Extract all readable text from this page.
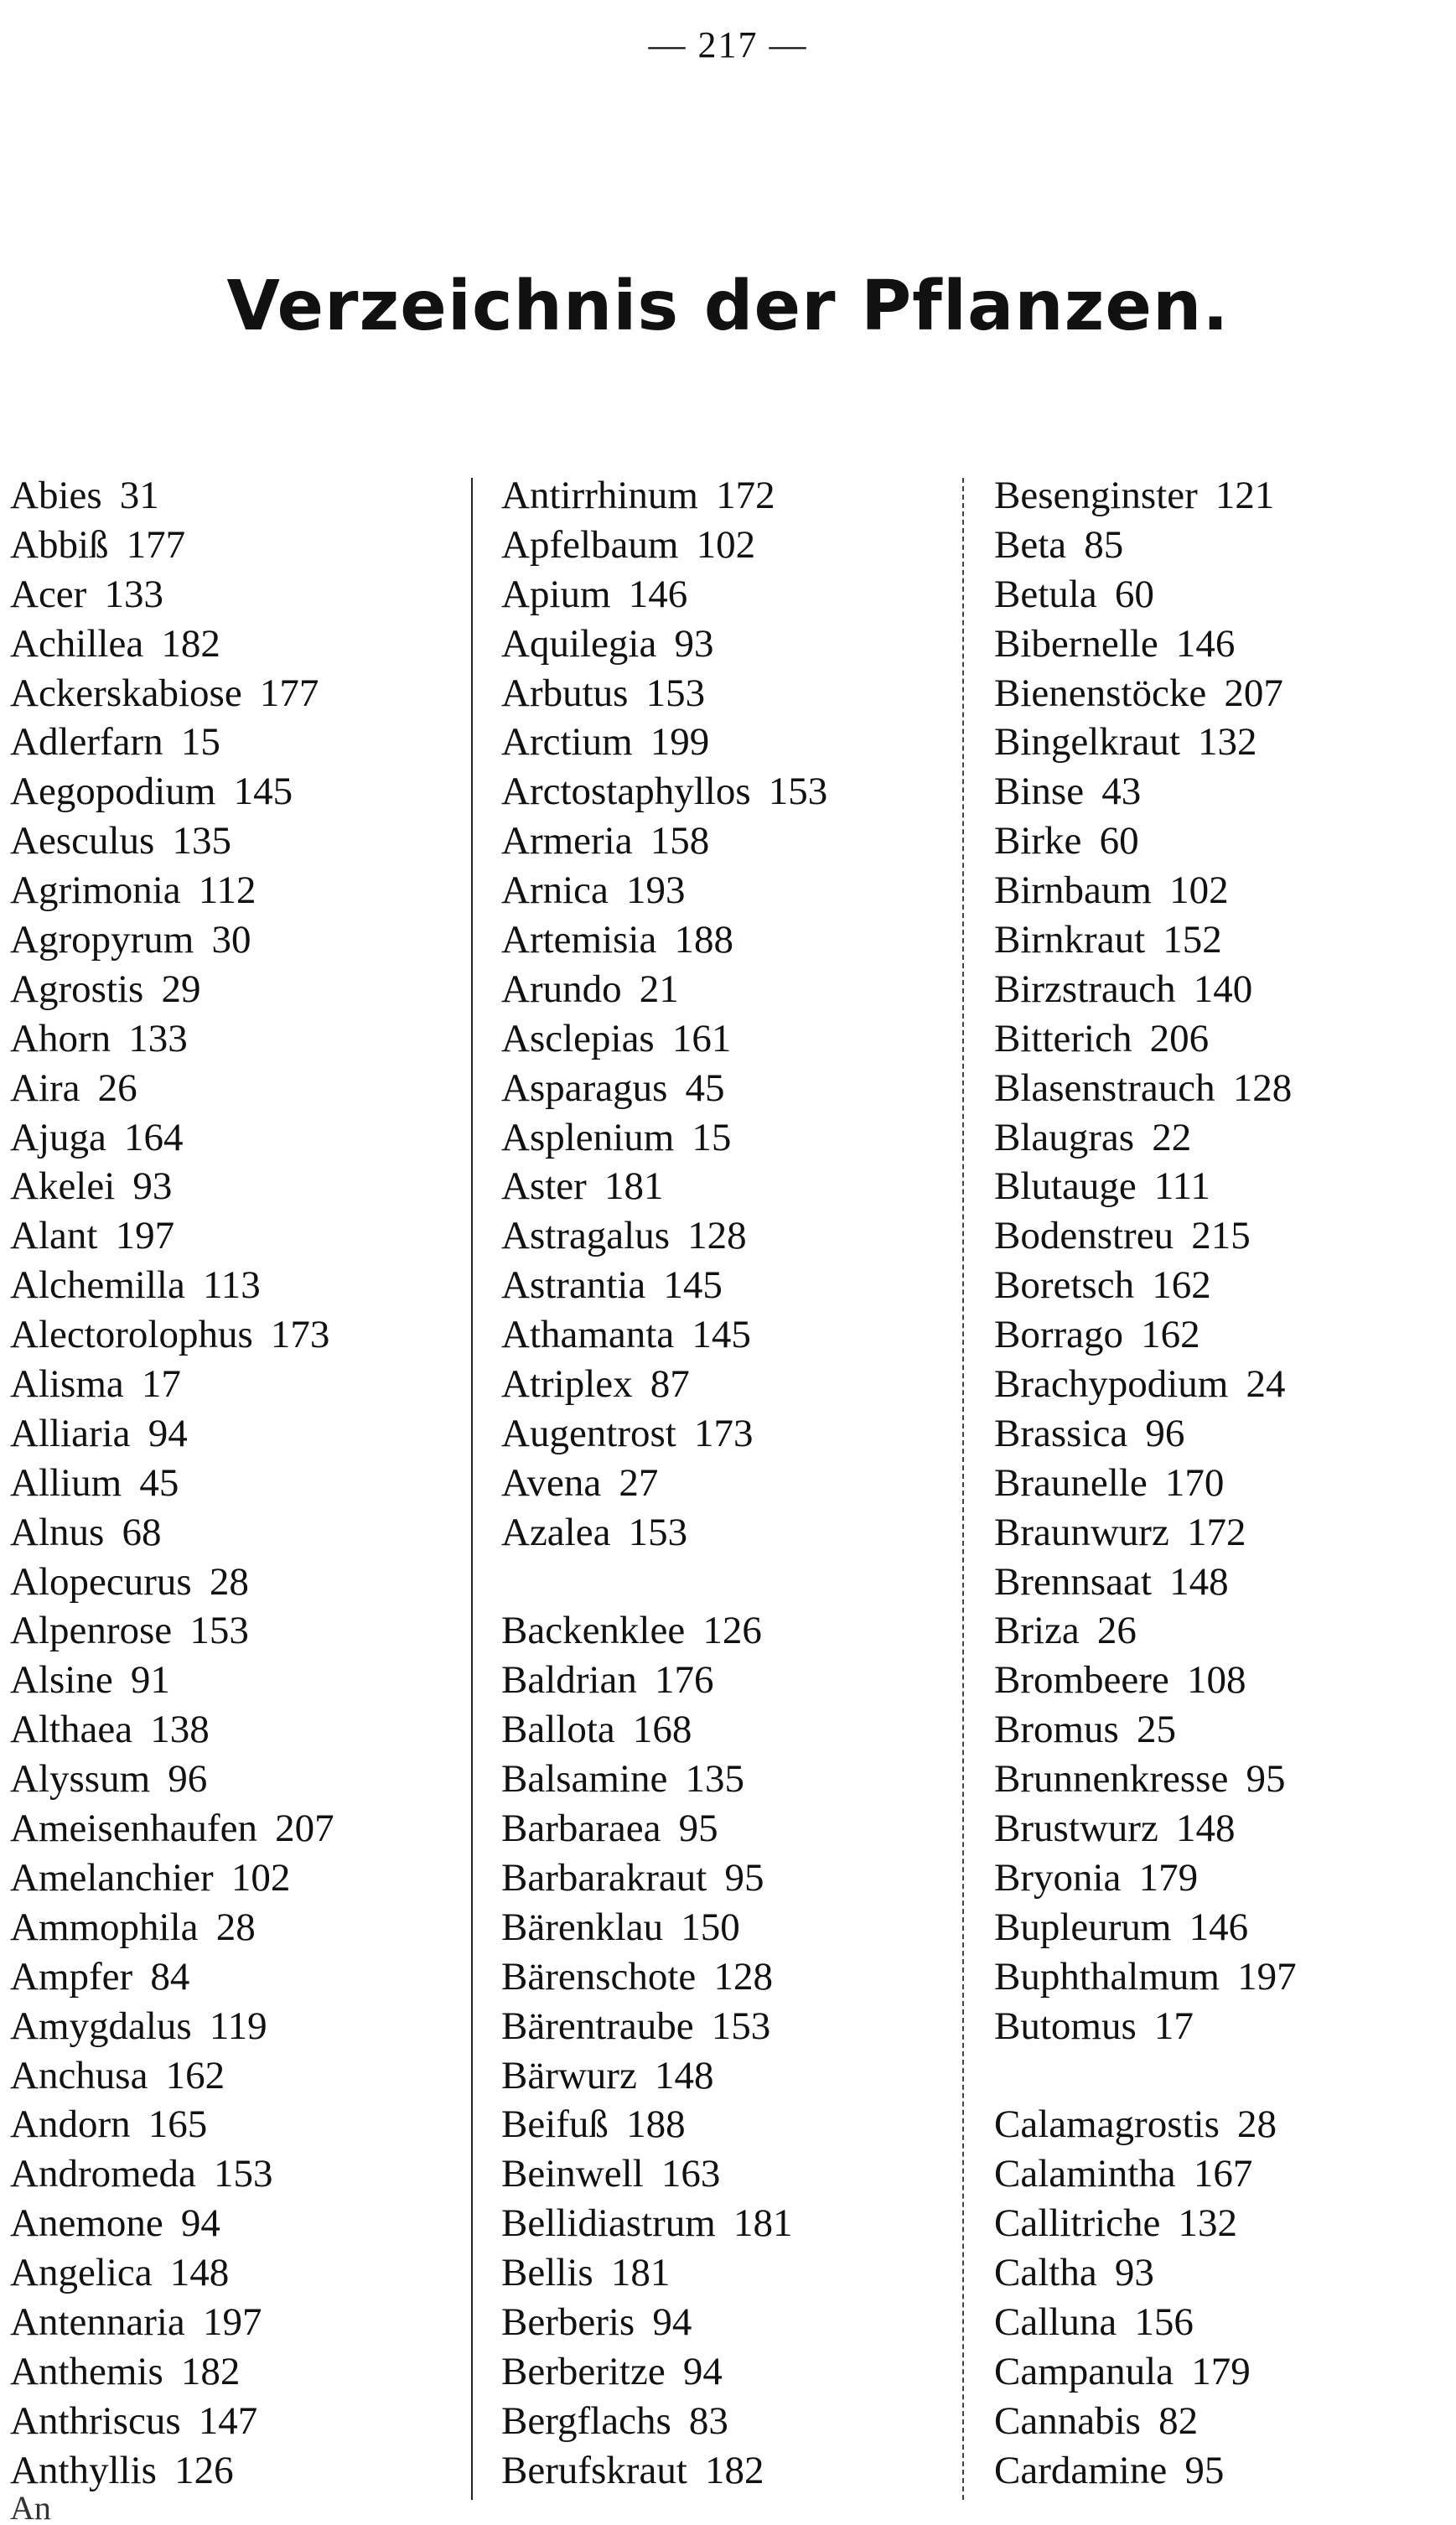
— 217 —
Verzeichnis der Pflanzen.
Abies 31
Abbiß 177
Acer 133
Achillea 182
Ackerskabiose 177
Adlerfarn 15
Aegopodium 145
Aesculus 135
Agrimonia 112
Agropyrum 30
Agrostis 29
Ahorn 133
Aira 26
Ajuga 164
Akelei 93
Alant 197
Alchemilla 113
Alectorolophus 173
Alisma 17
Alliaria 94
Allium 45
Alnus 68
Alopecurus 28
Alpenrose 153
Alsine 91
Althaea 138
Alyssum 96
Ameisenhaufen 207
Amelanchier 102
Ammophila 28
Ampfer 84
Amygdalus 119
Anchusa 162
Andorn 165
Andromeda 153
Anemone 94
Angelica 148
Antennaria 197
Anthemis 182
Anthriscus 147
Anthyllis 126
Antirrhinum 172
Apfelbaum 102
Apium 146
Aquilegia 93
Arbutus 153
Arctium 199
Arctostaphyllos 153
Armeria 158
Arnica 193
Artemisia 188
Arundo 21
Asclepias 161
Asparagus 45
Asplenium 15
Aster 181
Astragalus 128
Astrantia 145
Athamanta 145
Atriplex 87
Augentrost 173
Avena 27
Azalea 153
Backenklee 126
Baldrian 176
Ballota 168
Balsamine 135
Barbaraea 95
Barbarakraut 95
Bärenklau 150
Bärenschote 128
Bärentraube 153
Bärwurz 148
Beifuß 188
Beinwell 163
Bellidiastrum 181
Bellis 181
Berberis 94
Berberitze 94
Bergflachs 83
Berufskraut 182
Besenginster 121
Beta 85
Betula 60
Bibernelle 146
Bienenstöcke 207
Bingelkraut 132
Binse 43
Birke 60
Birnbaum 102
Birnkraut 152
Birzstrauch 140
Bitterich 206
Blasenstrauch 128
Blaugras 22
Blutauge 111
Bodenstreu 215
Boretsch 162
Borrago 162
Brachypodium 24
Brassica 96
Braunelle 170
Braunwurz 172
Brennsaat 148
Briza 26
Brombeere 108
Bromus 25
Brunnenkresse 95
Brustwurz 148
Bryonia 179
Bupleurum 146
Buphthalmum 197
Butomus 17
Calamagrostis 28
Calamintha 167
Callitriche 132
Caltha 93
Calluna 156
Campanula 179
Cannabis 82
Cardamine 95
An
